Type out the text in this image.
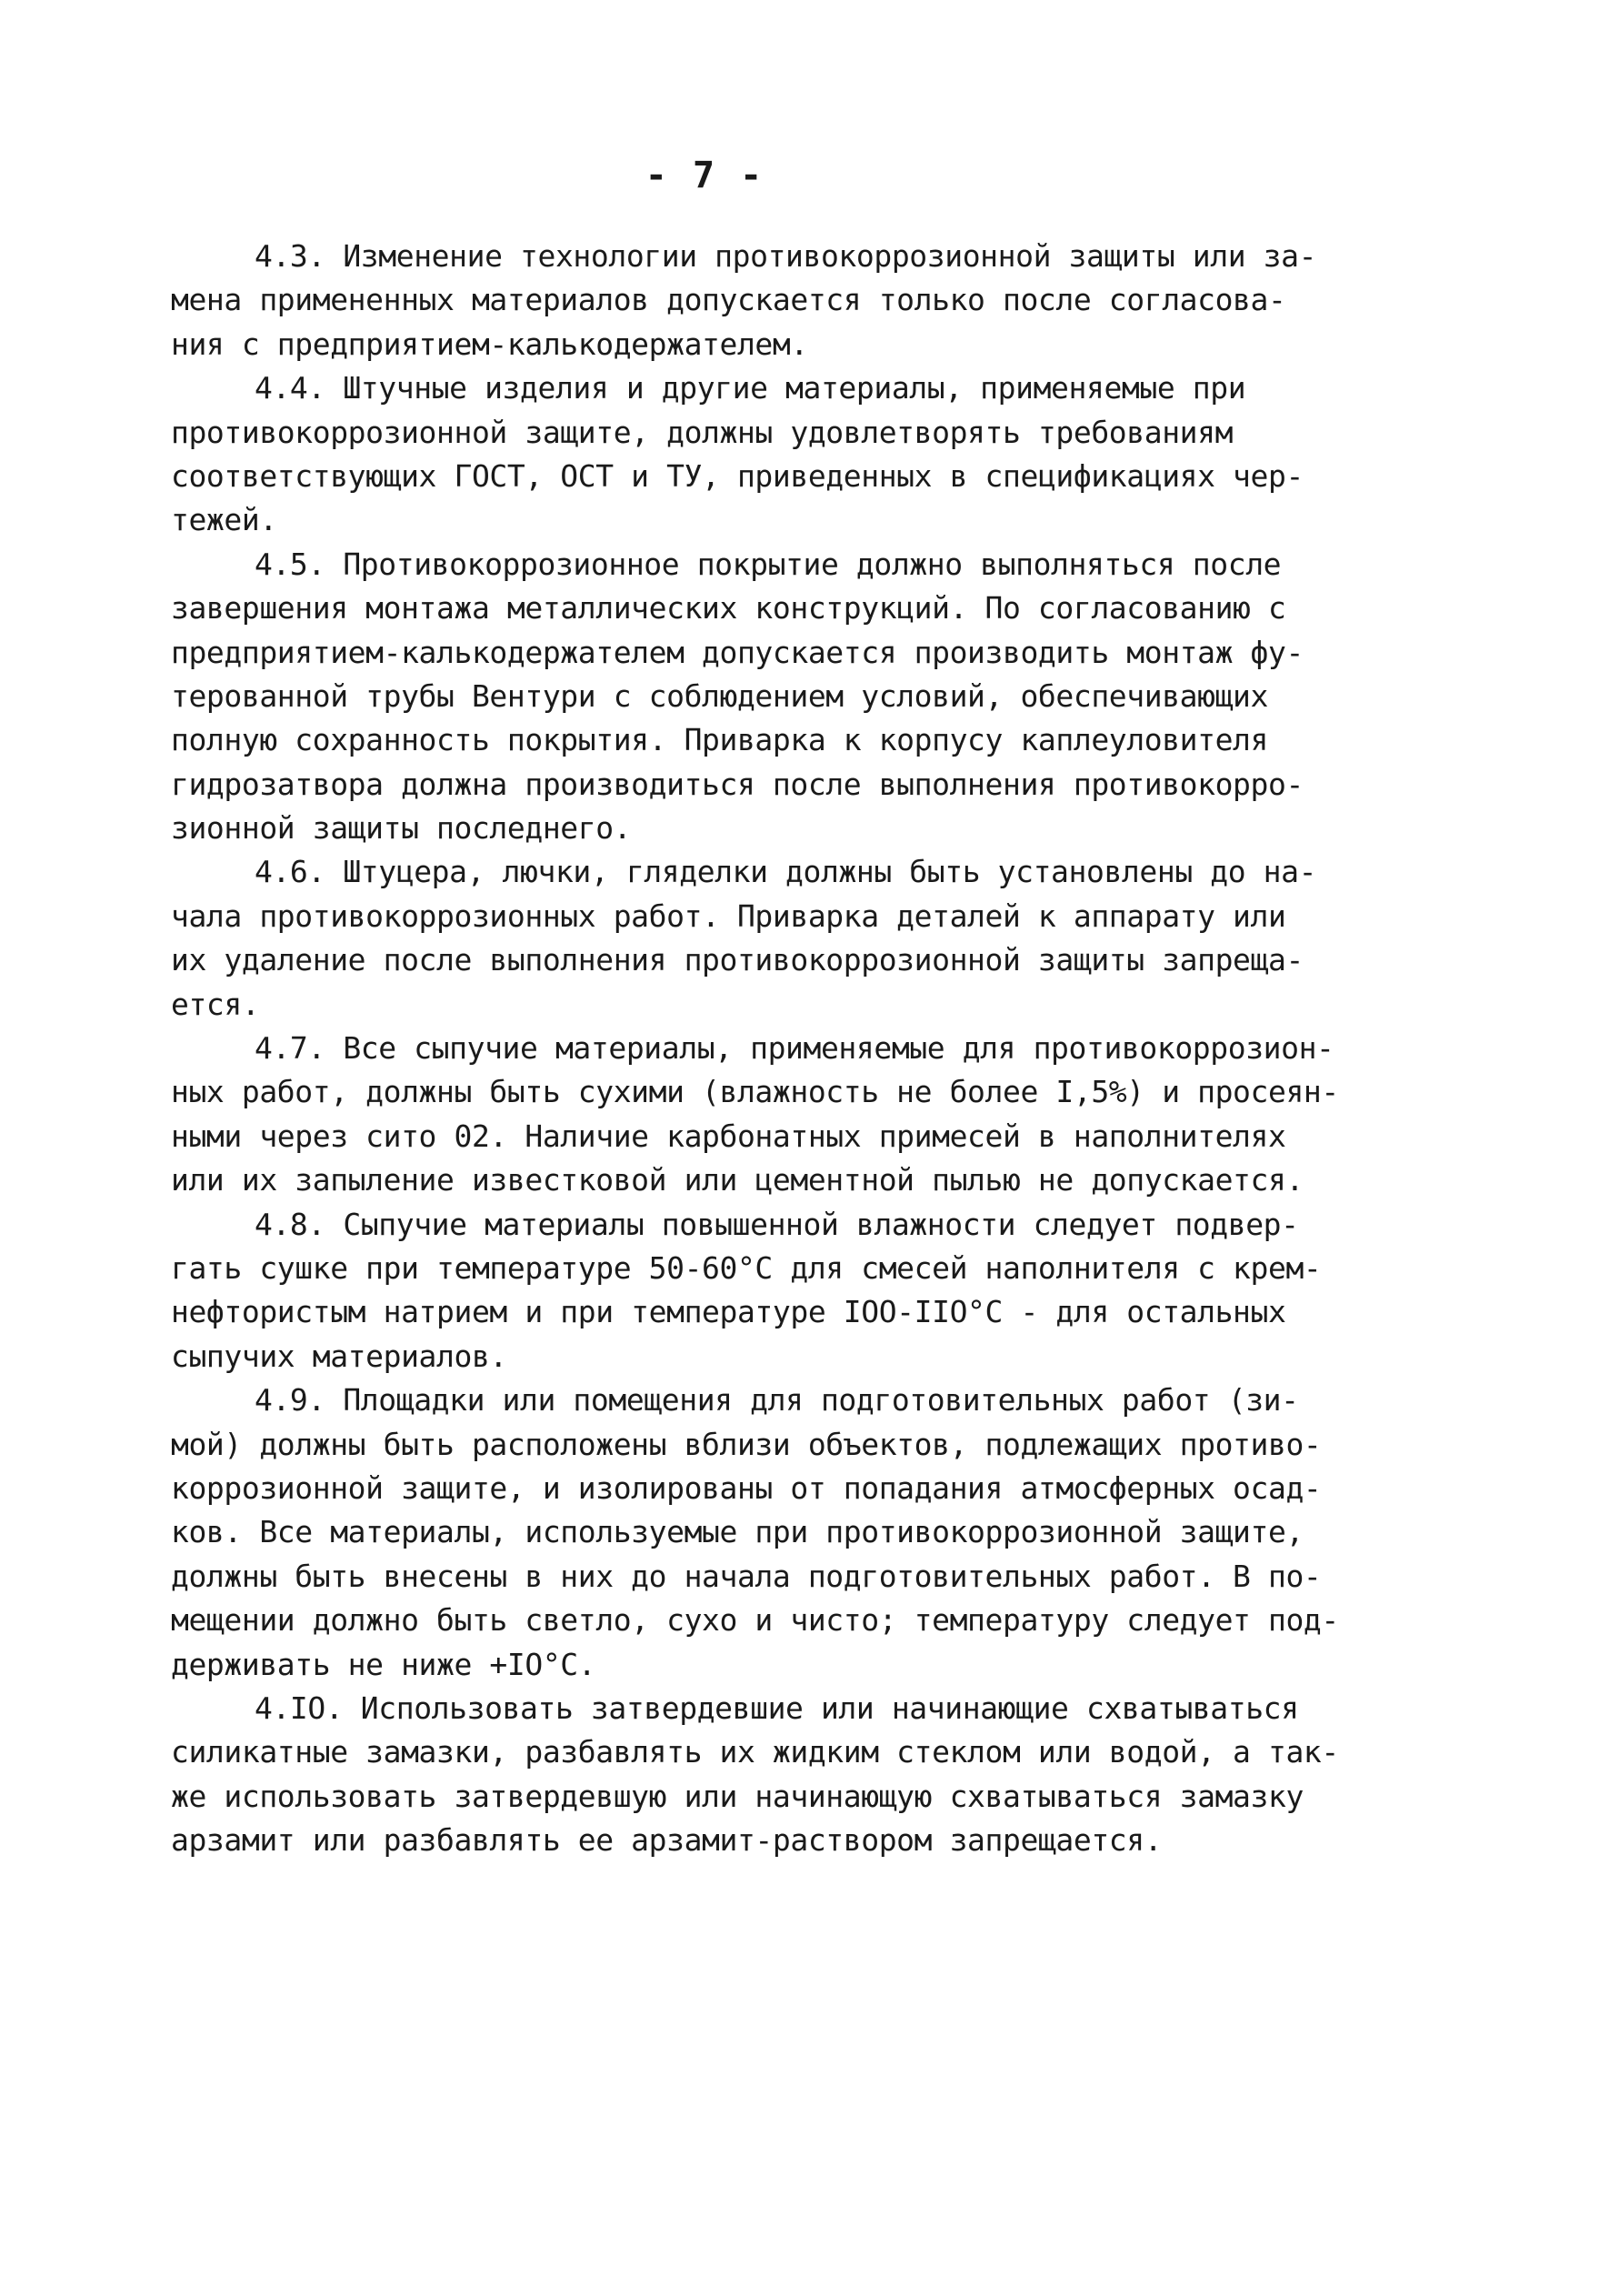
- 7 -
4.3. Изменение технологии противокоррозионной защиты или за-
мена примененных материалов допускается только после согласова-
ния с предприятием-калькодержателем.
4.4. Штучные изделия и другие материалы, применяемые при
противокоррозионной защите, должны удовлетворять требованиям
соответствующих ГОСТ, ОСТ и ТУ, приведенных в спецификациях чер-
тежей.
4.5. Противокоррозионное покрытие должно выполняться после
завершения монтажа металлических конструкций. По согласованию с
предприятием-калькодержателем допускается производить монтаж фу-
терованной трубы Вентури с соблюдением условий, обеспечивающих
полную сохранность покрытия. Приварка к корпусу каплеуловителя
гидрозатвора должна производиться после выполнения противокорро-
зионной защиты последнего.
4.6. Штуцера, лючки, гляделки должны быть установлены до на-
чала противокоррозионных работ. Приварка деталей к аппарату или
их удаление после выполнения противокоррозионной защиты запреща-
ется.
4.7. Все сыпучие материалы, применяемые для противокоррозион-
ных работ, должны быть сухими (влажность не более I,5%) и просеян-
ными через сито 02. Наличие карбонатных примесей в наполнителях
или их запыление известковой или цементной пылью не допускается.
4.8. Сыпучие материалы повышенной влажности следует подвер-
гать сушке при температуре 50-60°С для смесей наполнителя с крем-
нефтористым натрием и при температуре IOO-IIO°С - для остальных
сыпучих материалов.
4.9. Площадки или помещения для подготовительных работ (зи-
мой) должны быть расположены вблизи объектов, подлежащих противо-
коррозионной защите, и изолированы от попадания атмосферных осад-
ков. Все материалы, используемые при противокоррозионной защите,
должны быть внесены в них до начала подготовительных работ. В по-
мещении должно быть светло, сухо и чисто; температуру следует под-
держивать не ниже +IO°С.
4.IO. Использовать затвердевшие или начинающие схватываться
силикатные замазки, разбавлять их жидким стеклом или водой, а так-
же использовать затвердевшую или начинающую схватываться замазку
арзамит или разбавлять ее арзамит-раствором запрещается.
